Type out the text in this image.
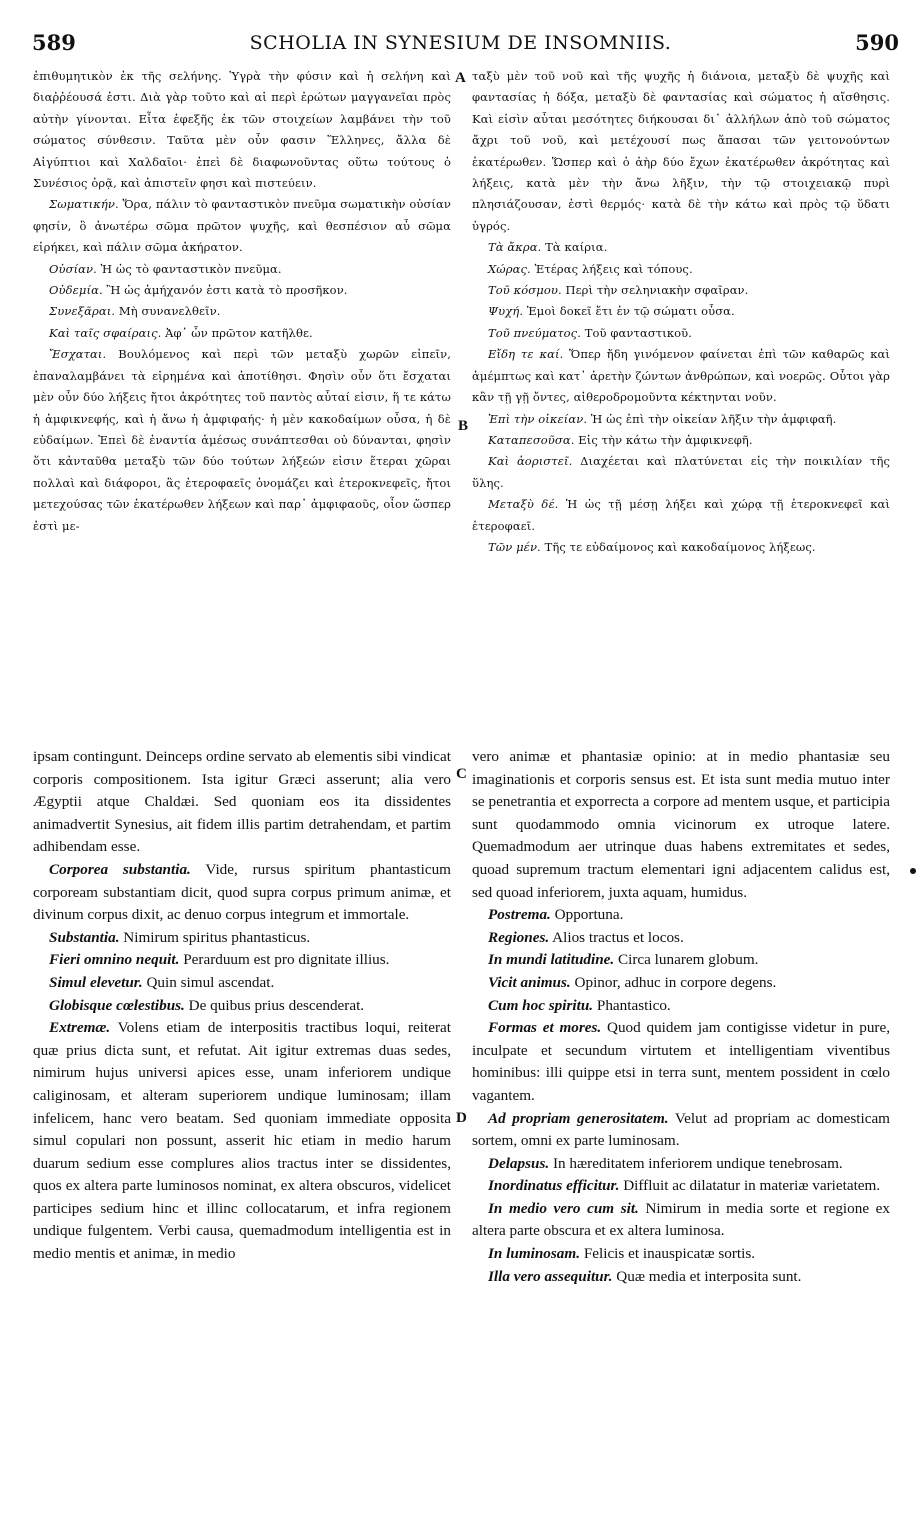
589	SCHOLIA IN SYNESIUM DE INSOMNIIS.	590

ἐπιθυμητικὸν ἐκ τῆς σελήνης. Ὑγρὰ τὴν φύσιν καὶ ἡ σελήνη καὶ διαῤῥέουσά ἐστι. Διὰ γὰρ τοῦτο καὶ αἱ περὶ ἐρώτων μαγγανεῖαι πρὸς αὐτὴν γίνονται. Εἶτα ἐφεξῆς ἐκ τῶν στοιχείων λαμβάνει τὴν τοῦ σώματος σύνθεσιν. Ταῦτα μὲν οὖν φασιν Ἕλληνες, ἄλλα δὲ Αἰγύπτιοι καὶ Χαλδαῖοι· ἐπεὶ δὲ διαφωνοῦντας οὕτω τούτους ὁ Συνέσιος ὁρᾷ, καὶ ἀπιστεῖν φησι καὶ πιστεύειν.

Σωματικήν. Ὅρα, πάλιν τὸ φανταστικὸν πνεῦμα σωματικὴν οὐσίαν φησίν, ὃ ἀνωτέρω σῶμα πρῶτον ψυχῆς, καὶ θεσπέσιον αὖ σῶμα εἰρήκει, καὶ πάλιν σῶμα ἀκήρατον.

Οὐσίαν. Ἡ ὡς τὸ φανταστικὸν πνεῦμα.

Οὐδεμία. Ἢ ὡς ἀμήχανόν ἐστι κατὰ τὸ προσῆκον.

Συνεξᾶραι. Μὴ συνανελθεῖν.

Καὶ ταῖς σφαίραις. Ἀφ᾽ ὧν πρῶτον κατῆλθε.

Ἔσχαται. Βουλόμενος καὶ περὶ τῶν μεταξὺ χωρῶν εἰπεῖν, ἐπαναλαμβάνει τὰ εἰρημένα καὶ ἀποτίθησι. Φησὶν οὖν ὅτι ἔσχαται μὲν οὖν δύο λήξεις ἤτοι ἀκρότητες τοῦ παντὸς αὗταί εἰσιν, ἥ τε κάτω ἡ ἀμφικνεφής, καὶ ἡ ἄνω ἡ ἀμφιφαής· ἡ μὲν κακοδαίμων οὖσα, ἡ δὲ εὐδαίμων. Ἐπεὶ δὲ ἐναντία ἀμέσως συνάπτεσθαι οὐ δύνανται, φησὶν ὅτι κἀνταῦθα μεταξὺ τῶν δύο τούτων λήξεών εἰσιν ἕτεραι χῶραι πολλαὶ καὶ διάφοροι, ἃς ἑτεροφαεῖς ὀνομάζει καὶ ἑτεροκνεφεῖς, ἤτοι μετεχούσας τῶν ἑκατέρωθεν λήξεων καὶ παρ᾽ ἀμφιφαοῦς, οἷον ὥσπερ ἐστὶ με-

ταξὺ μὲν τοῦ νοῦ καὶ τῆς ψυχῆς ἡ διάνοια, μεταξὺ δὲ ψυχῆς καὶ φαντασίας ἡ δόξα, μεταξὺ δὲ φαντασίας καὶ σώματος ἡ αἴσθησις. Καὶ εἰσὶν αὗται μεσότητες διήκουσαι δι᾽ ἀλλήλων ἀπὸ τοῦ σώματος ἄχρι τοῦ νοῦ, καὶ μετέχουσί πως ἅπασαι τῶν γειτονούντων ἑκατέρωθεν. Ὥσπερ καὶ ὁ ἀὴρ δύο ἔχων ἑκατέρωθεν ἀκρότητας καὶ λήξεις, κατὰ μὲν τὴν ἄνω λῆξιν, τὴν τῷ στοιχειακῷ πυρὶ πλησιάζουσαν, ἐστὶ θερμός· κατὰ δὲ τὴν κάτω καὶ πρὸς τῷ ὕδατι ὑγρός.

Τὰ ἄκρα. Τὰ καίρια.

Χώρας. Ἑτέρας λήξεις καὶ τόπους.

Τοῦ κόσμου. Περὶ τὴν σεληνιακὴν σφαῖραν.

Ψυχή. Ἐμοὶ δοκεῖ ἔτι ἐν τῷ σώματι οὖσα.

Τοῦ πνεύματος. Τοῦ φανταστικοῦ.

Εἴδη τε καί. Ὅπερ ἤδη γινόμενον φαίνεται ἐπὶ τῶν καθαρῶς καὶ ἀμέμπτως καὶ κατ᾽ ἀρετὴν ζώντων ἀνθρώπων, καὶ νοερῶς. Οὗτοι γὰρ κἂν τῇ γῇ ὄντες, αἰθεροδρομοῦντα κέκτηνται νοῦν.

Ἐπὶ τὴν οἰκείαν. Ἡ ὡς ἐπὶ τὴν οἰκείαν λῆξιν τὴν ἀμφιφαῆ.

Καταπεσοῦσα. Εἰς τὴν κάτω τὴν ἀμφικνεφῆ.

Καὶ ἀοριστεῖ. Διαχέεται καὶ πλατύνεται εἰς τὴν ποικιλίαν τῆς ὕλης.

Μεταξὺ δέ. Ἡ ὡς τῇ μέσῃ λήξει καὶ χώρᾳ τῇ ἑτεροκνεφεῖ καὶ ἑτεροφαεῖ.

Τῶν μέν. Τῆς τε εὐδαίμονος καὶ κακοδαίμονος λήξεως.

ipsam contingunt. Deinceps ordine servato ab elementis sibi vindicat corporis compositionem. Ista igitur Græci asserunt; alia vero Ægyptii atque Chaldæi. Sed quoniam eos ita dissidentes animadvertit Synesius, ait fidem illis partim detrahendam, et partim adhibendam esse.

Corporea substantia. Vide, rursus spiritum phantasticum corpoream substantiam dicit, quod supra corpus primum animæ, et divinum corpus dixit, ac denuo corpus integrum et immortale.

Substantia. Nimirum spiritus phantasticus.

Fieri omnino nequit. Perarduum est pro dignitate illius.

Simul elevetur. Quin simul ascendat.

Globisque cœlestibus. De quibus prius descenderat.

Extremæ. Volens etiam de interpositis tractibus loqui, reiterat quæ prius dicta sunt, et refutat. Ait igitur extremas duas sedes, nimirum hujus universi apices esse, unam inferiorem undique caliginosam, et alteram superiorem undique luminosam; illam infelicem, hanc vero beatam. Sed quoniam immediate opposita simul copulari non possunt, asserit hic etiam in medio harum duarum sedium esse complures alios tractus inter se dissidentes, quos ex altera parte luminosos nominat, ex altera obscuros, videlicet participes sedium hinc et illinc collocatarum, et infra regionem undique fulgentem. Verbi causa, quemadmodum intelligentia est in medio mentis et animæ, in medio

vero animæ et phantasiæ opinio: at in medio phantasiæ seu imaginationis et corporis sensus est. Et ista sunt media mutuo inter se penetrantia et exporrecta a corpore ad mentem usque, et participia sunt quodammodo omnia vicinorum ex utroque latere. Quemadmodum aer utrinque duas habens extremitates et sedes, quoad supremum tractum elementari igni adjacentem calidus est, sed quoad inferiorem, juxta aquam, humidus.

Postrema. Opportuna.

Regiones. Alios tractus et locos.

In mundi latitudine. Circa lunarem globum.

Vicit animus. Opinor, adhuc in corpore degens.

Cum hoc spiritu. Phantastico.

Formas et mores. Quod quidem jam contigisse videtur in pure, inculpate et secundum virtutem et intelligentiam viventibus hominibus: illi quippe etsi in terra sunt, mentem possident in cœlo vagantem.

Ad propriam generositatem. Velut ad propriam ac domesticam sortem, omni ex parte luminosam.

Delapsus. In hæreditatem inferiorem undique tenebrosam.

Inordinatus efficitur. Diffluit ac dilatatur in materiæ varietatem.

In medio vero cum sit. Nimirum in media sorte et regione ex altera parte obscura et ex altera luminosa.

In luminosam. Felicis et inauspicatæ sortis.

Illa vero assequitur. Quæ media et interposita sunt.

A
B
C
D
